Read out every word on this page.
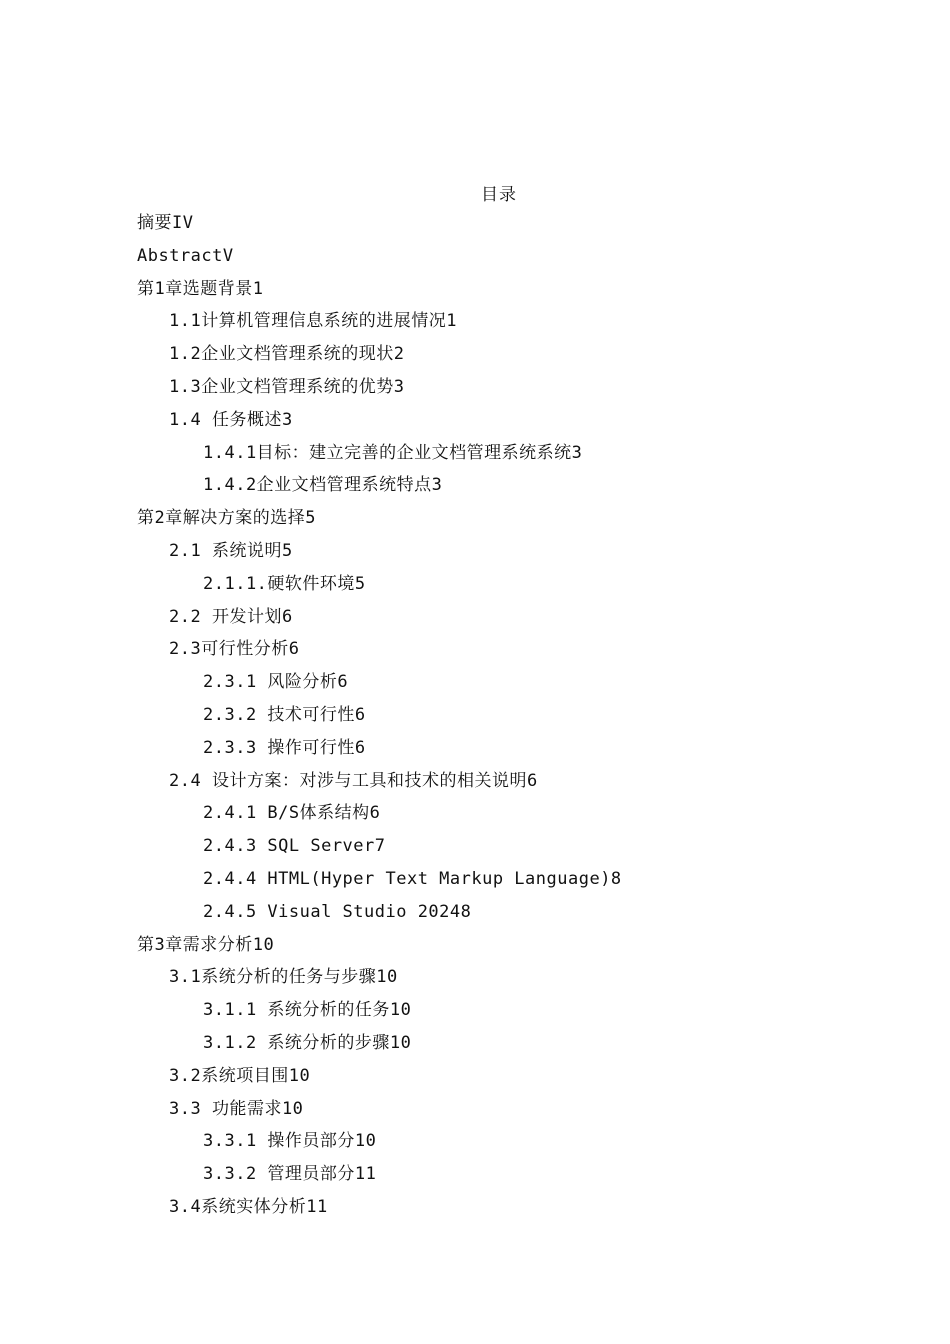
目录
摘要IV
AbstractV
第1章选题背景1
1.1计算机管理信息系统的进展情况1
1.2企业文档管理系统的现状2
1.3企业文档管理系统的优势3
1.4 任务概述3
1.4.1目标：建立完善的企业文档管理系统系统3
1.4.2企业文档管理系统特点3
第2章解决方案的选择5
2.1 系统说明5
2.1.1.硬软件环境5
2.2 开发计划6
2.3可行性分析6
2.3.1 风险分析6
2.3.2 技术可行性6
2.3.3 操作可行性6
2.4 设计方案：对涉与工具和技术的相关说明6
2.4.1 B/S体系结构6
2.4.3 SQL Server7
2.4.4 HTML(Hyper Text Markup Language)8
2.4.5 Visual Studio 20248
第3章需求分析10
3.1系统分析的任务与步骤10
3.1.1 系统分析的任务10
3.1.2 系统分析的步骤10
3.2系统项目围10
3.3 功能需求10
3.3.1 操作员部分10
3.3.2 管理员部分11
3.4系统实体分析11
